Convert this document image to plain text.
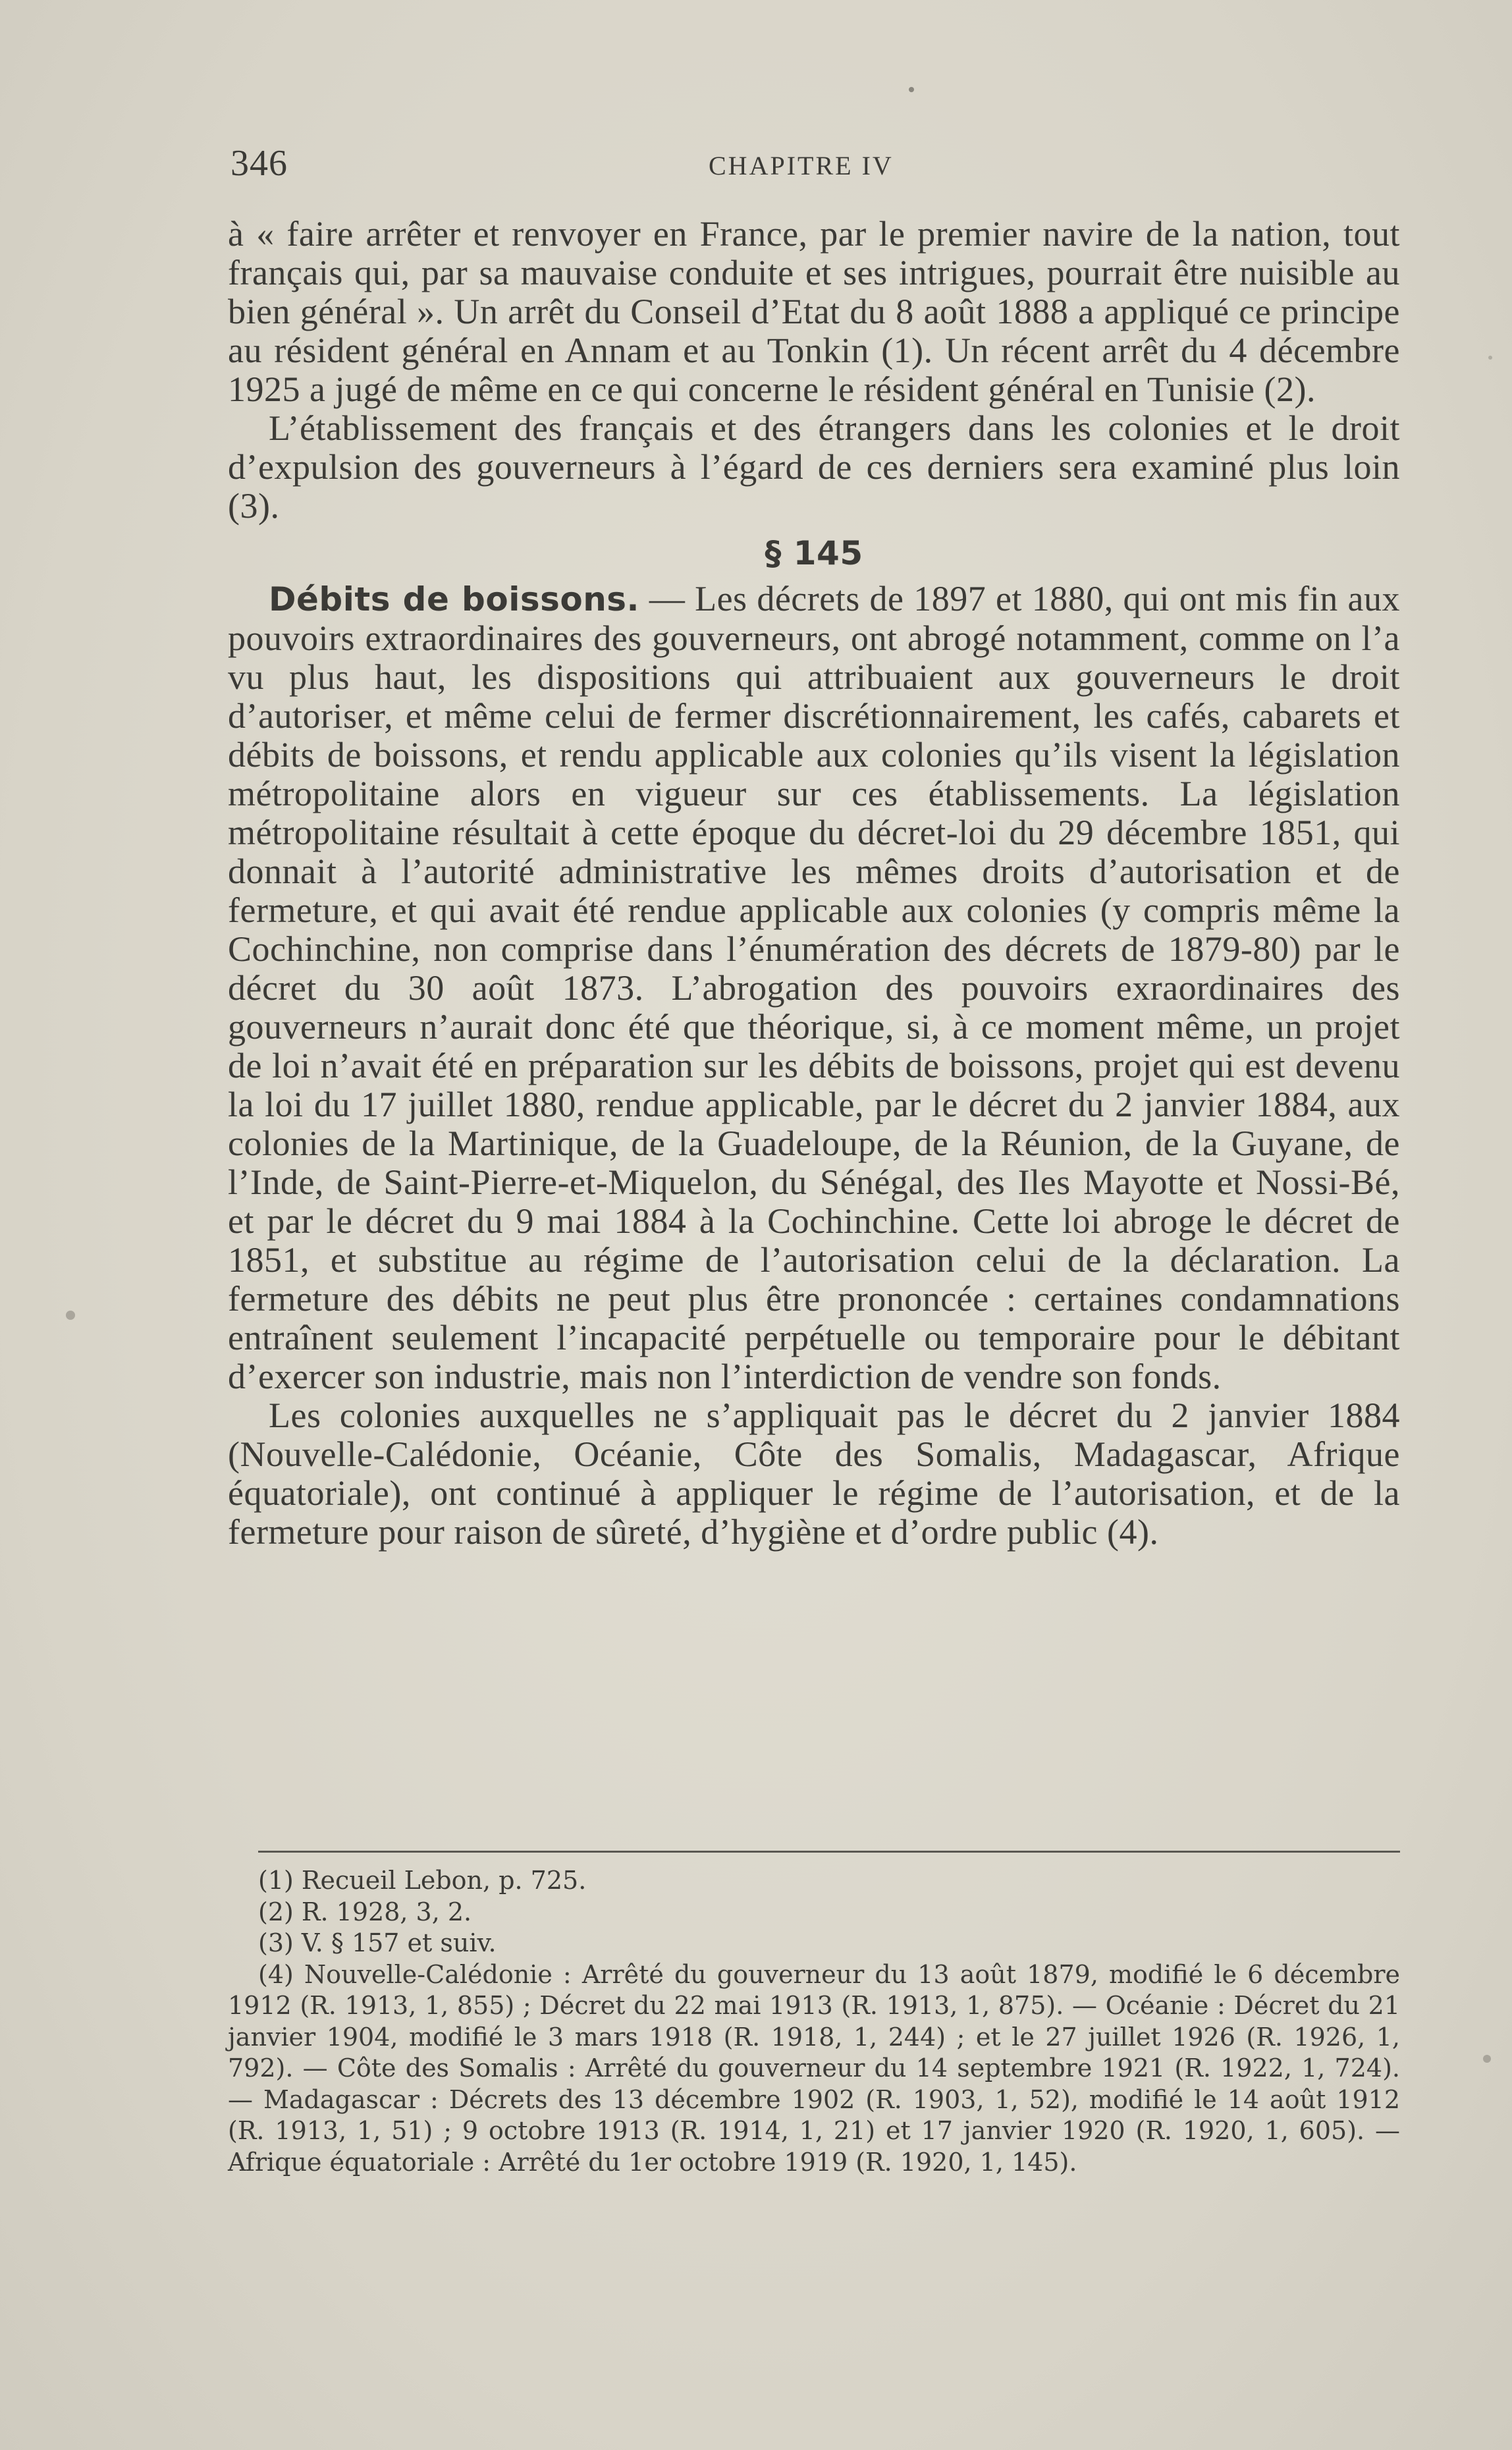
346	CHAPITRE IV

à « faire arrêter et renvoyer en France, par le premier navire de la nation, tout français qui, par sa mauvaise conduite et ses intrigues, pourrait être nuisible au bien général ». Un arrêt du Conseil d’Etat du 8 août 1888 a appliqué ce principe au résident général en Annam et au Tonkin (1). Un récent arrêt du 4 décembre 1925 a jugé de même en ce qui concerne le résident général en Tunisie (2).

L’établissement des français et des étrangers dans les colonies et le droit d’expulsion des gouverneurs à l’égard de ces derniers sera examiné plus loin (3).

§ 145

Débits de boissons. — Les décrets de 1897 et 1880, qui ont mis fin aux pouvoirs extraordinaires des gouverneurs, ont abrogé notamment, comme on l’a vu plus haut, les dispositions qui attribuaient aux gouverneurs le droit d’autoriser, et même celui de fermer discrétionnairement, les cafés, cabarets et débits de boissons, et rendu applicable aux colonies qu’ils visent la législation métropolitaine alors en vigueur sur ces établissements. La législation métropolitaine résultait à cette époque du décret-loi du 29 décembre 1851, qui donnait à l’autorité administrative les mêmes droits d’autorisation et de fermeture, et qui avait été rendue applicable aux colonies (y compris même la Cochinchine, non comprise dans l’énumération des décrets de 1879-80) par le décret du 30 août 1873. L’abrogation des pouvoirs exraordinaires des gouverneurs n’aurait donc été que théorique, si, à ce moment même, un projet de loi n’avait été en préparation sur les débits de boissons, projet qui est devenu la loi du 17 juillet 1880, rendue applicable, par le décret du 2 janvier 1884, aux colonies de la Martinique, de la Guadeloupe, de la Réunion, de la Guyane, de l’Inde, de Saint-Pierre-et-Miquelon, du Sénégal, des Iles Mayotte et Nossi-Bé, et par le décret du 9 mai 1884 à la Cochinchine. Cette loi abroge le décret de 1851, et substitue au régime de l’autorisation celui de la déclaration. La fermeture des débits ne peut plus être prononcée : certaines condamnations entraînent seulement l’incapacité perpétuelle ou temporaire pour le débitant d’exercer son industrie, mais non l’interdiction de vendre son fonds.

Les colonies auxquelles ne s’appliquait pas le décret du 2 janvier 1884 (Nouvelle-Calédonie, Océanie, Côte des Somalis, Madagascar, Afrique équatoriale), ont continué à appliquer le régime de l’autorisation, et de la fermeture pour raison de sûreté, d’hygiène et d’ordre public (4).

(1) Recueil Lebon, p. 725.

(2) R. 1928, 3, 2.

(3) V. § 157 et suiv.

(4) Nouvelle-Calédonie : Arrêté du gouverneur du 13 août 1879, modifié le 6 décembre 1912 (R. 1913, 1, 855) ; Décret du 22 mai 1913 (R. 1913, 1, 875). — Océanie : Décret du 21 janvier 1904, modifié le 3 mars 1918 (R. 1918, 1, 244) ; et le 27 juillet 1926 (R. 1926, 1, 792). — Côte des Somalis : Arrêté du gouverneur du 14 septembre 1921 (R. 1922, 1, 724). — Madagascar : Décrets des 13 décembre 1902 (R. 1903, 1, 52), modifié le 14 août 1912 (R. 1913, 1, 51) ; 9 octobre 1913 (R. 1914, 1, 21) et 17 janvier 1920 (R. 1920, 1, 605). — Afrique équatoriale : Arrêté du 1er octobre 1919 (R. 1920, 1, 145).
